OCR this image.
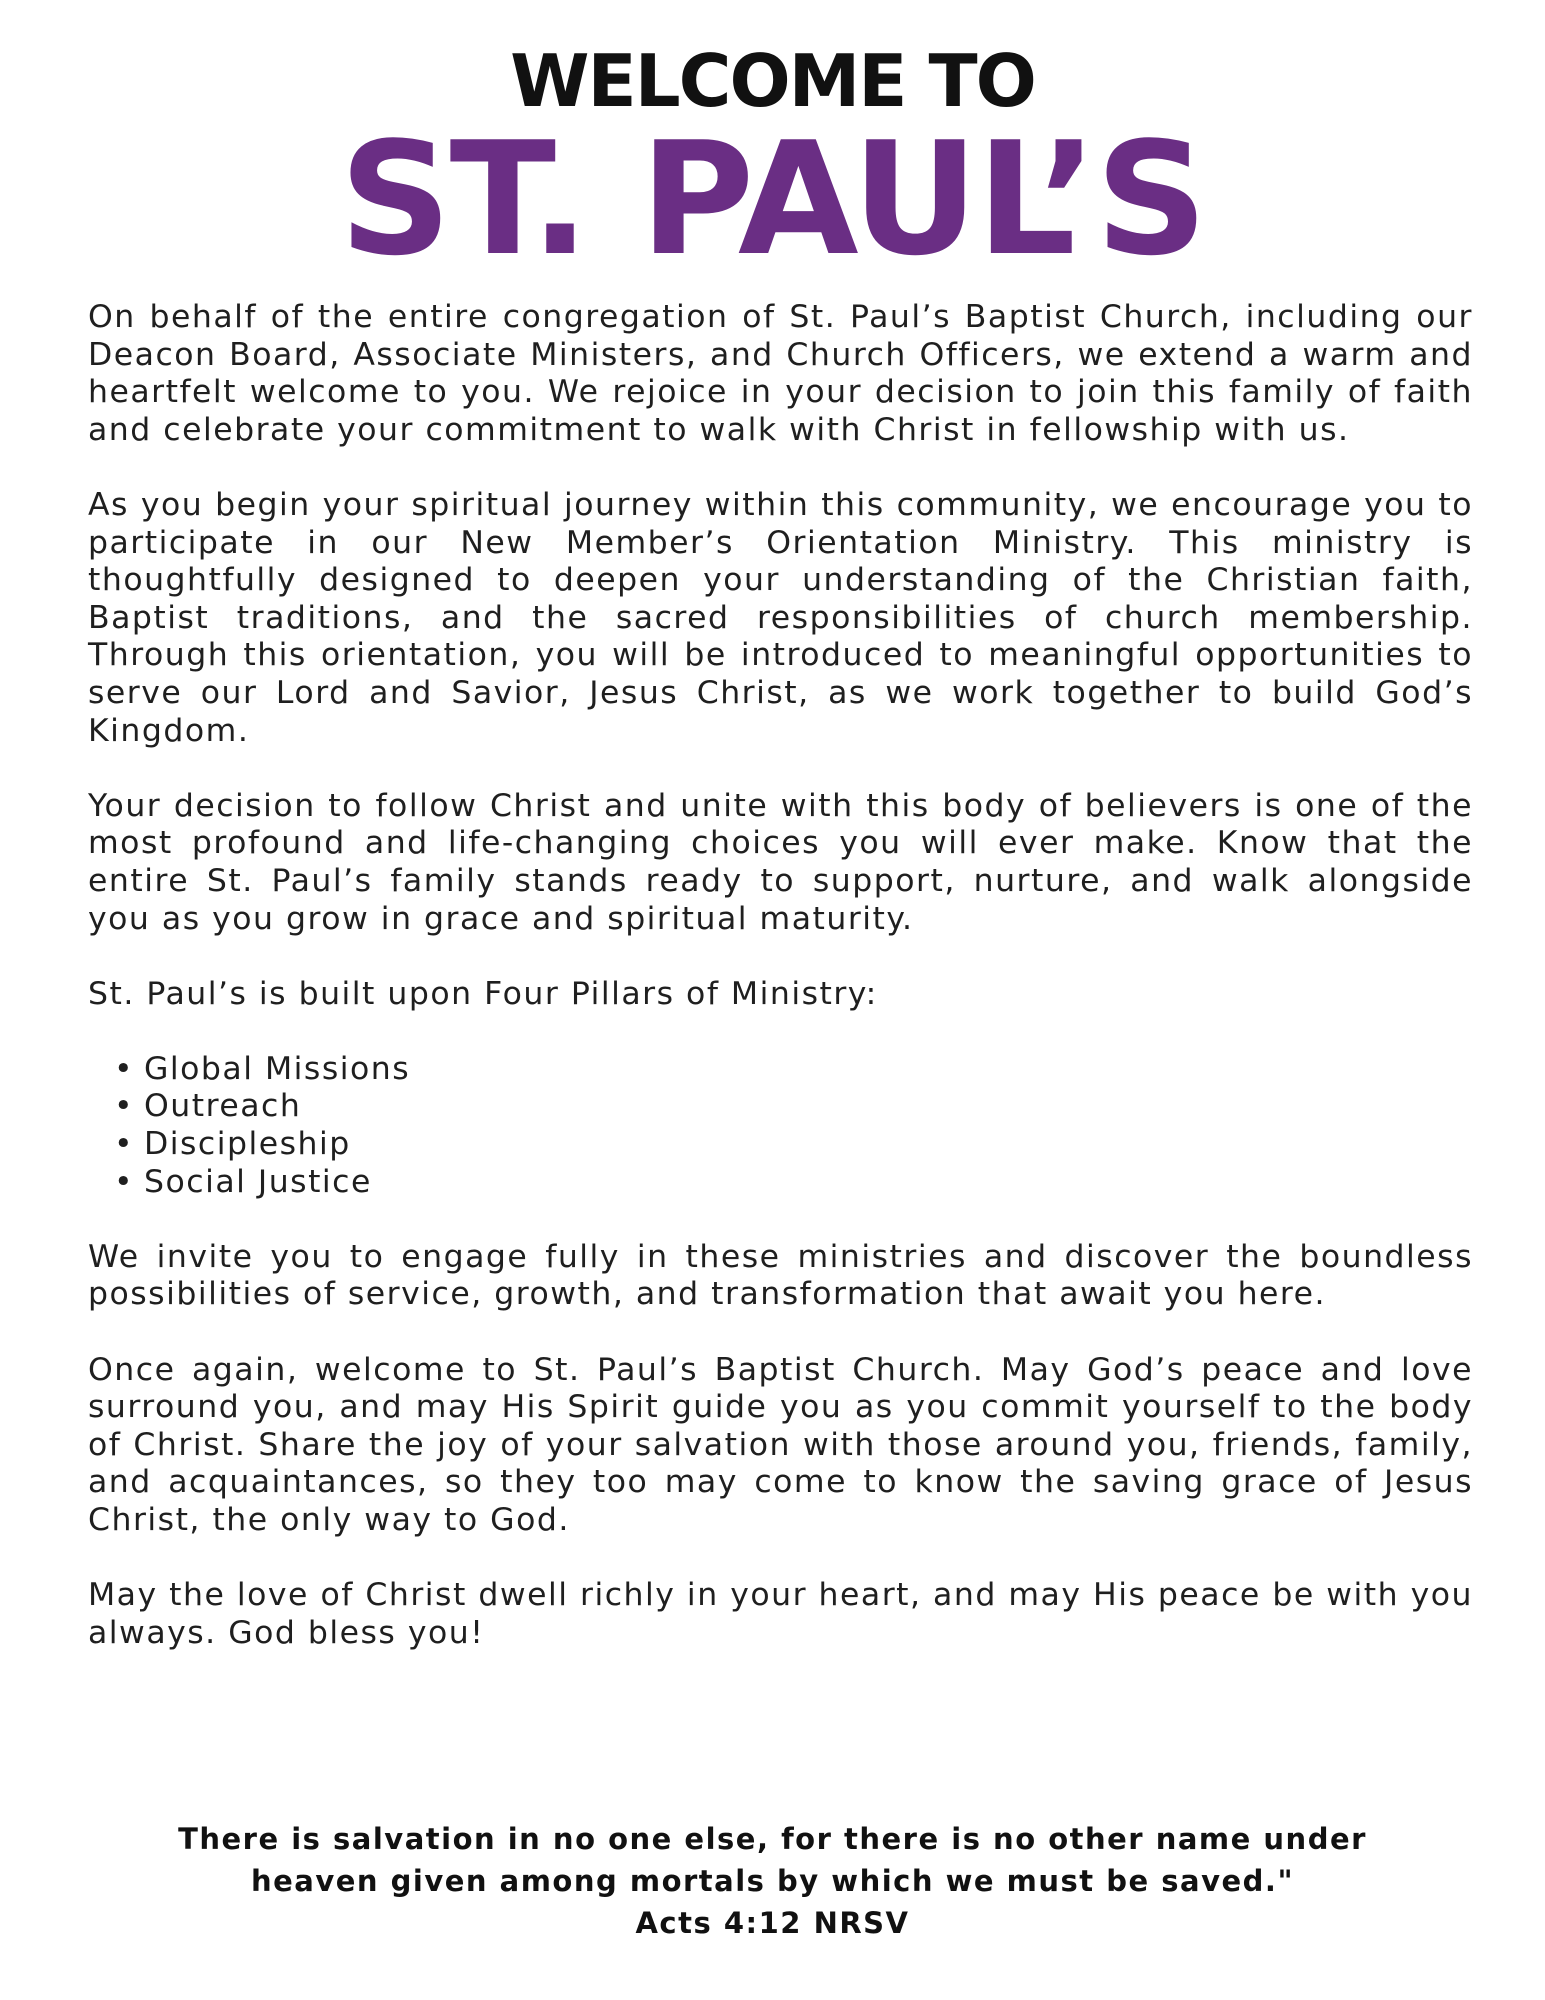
WELCOME TO
ST. PAUL’S

On behalf of the entire congregation of St. Paul’s Baptist Church, including our Deacon Board, Associate Ministers, and Church Officers, we extend a warm and heartfelt welcome to you. We rejoice in your decision to join this family of faith and celebrate your commitment to walk with Christ in fellowship with us.

As you begin your spiritual journey within this community, we encourage you to participate in our New Member’s Orientation Ministry. This ministry is thoughtfully designed to deepen your understanding of the Christian faith, Baptist traditions, and the sacred responsibilities of church membership. Through this orientation, you will be introduced to meaningful opportunities to serve our Lord and Savior, Jesus Christ, as we work together to build God’s Kingdom.

Your decision to follow Christ and unite with this body of believers is one of the most profound and life-changing choices you will ever make. Know that the entire St. Paul’s family stands ready to support, nurture, and walk alongside you as you grow in grace and spiritual maturity.

St. Paul’s is built upon Four Pillars of Ministry:

• Global Missions
• Outreach
• Discipleship
• Social Justice

We invite you to engage fully in these ministries and discover the boundless possibilities of service, growth, and transformation that await you here.

Once again, welcome to St. Paul’s Baptist Church. May God’s peace and love surround you, and may His Spirit guide you as you commit yourself to the body of Christ. Share the joy of your salvation with those around you, friends, family, and acquaintances, so they too may come to know the saving grace of Jesus Christ, the only way to God.

May the love of Christ dwell richly in your heart, and may His peace be with you always. God bless you!

There is salvation in no one else, for there is no other name under
heaven given among mortals by which we must be saved."
Acts 4:12 NRSV
